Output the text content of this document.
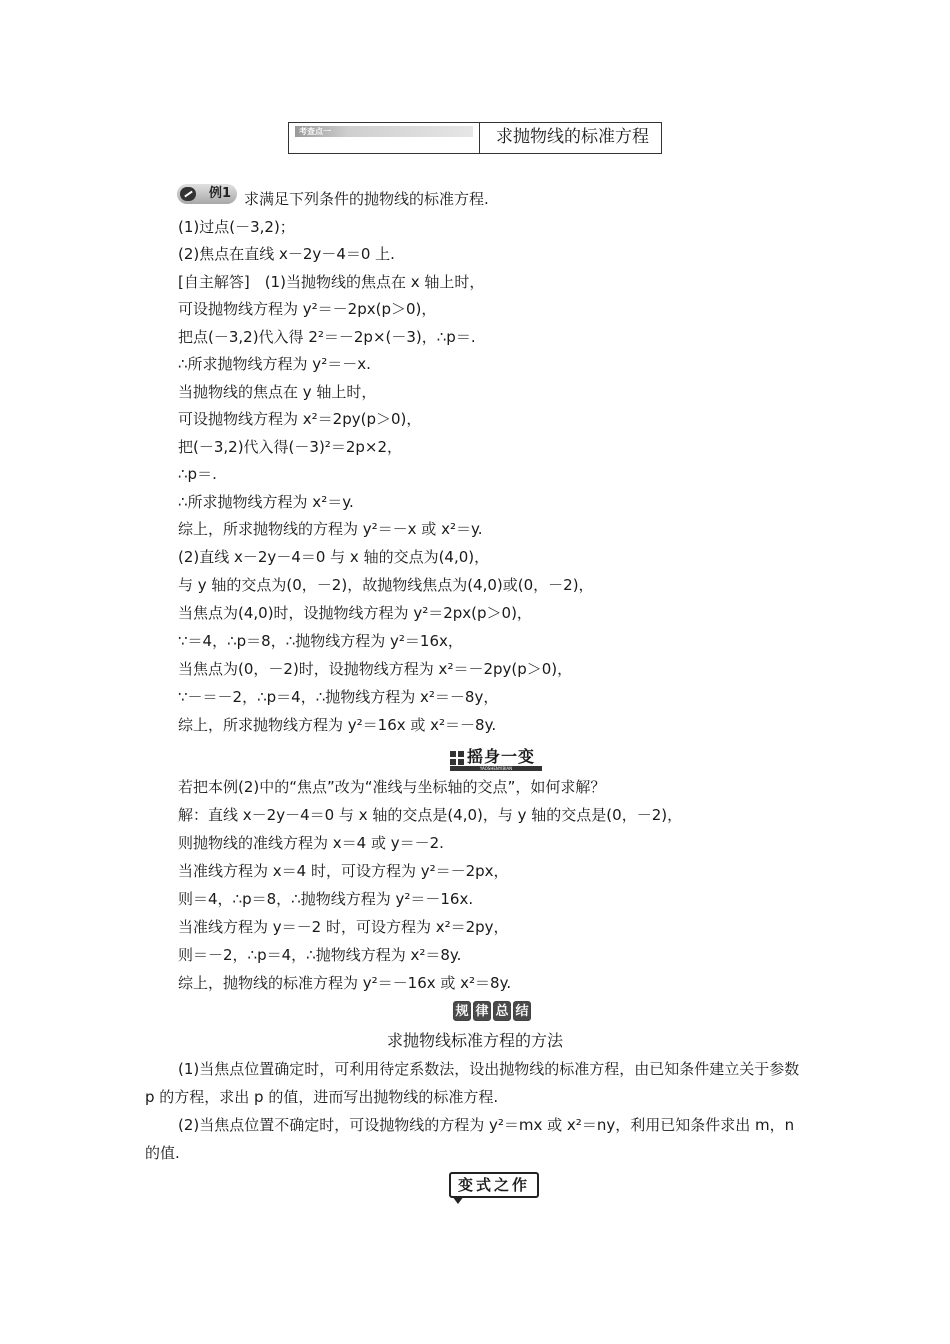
考查点一	求抛物线的标准方程
例1 求满足下列条件的抛物线的标准方程.
(1)过点(－3,2)；
(2)焦点在直线 x－2y－4＝0 上.
[自主解答]　(1)当抛物线的焦点在 x 轴上时，
可设抛物线方程为 y²＝－2px(p＞0)，
把点(－3,2)代入得 2²＝－2p×(－3)，∴p＝.
∴所求抛物线方程为 y²＝－x.
当抛物线的焦点在 y 轴上时，
可设抛物线方程为 x²＝2py(p＞0)，
把(－3,2)代入得(－3)²＝2p×2，
∴p＝.
∴所求抛物线方程为 x²＝y.
综上，所求抛物线的方程为 y²＝－x 或 x²＝y.
(2)直线 x－2y－4＝0 与 x 轴的交点为(4,0)，
与 y 轴的交点为(0，－2)，故抛物线焦点为(4,0)或(0，－2)，
当焦点为(4,0)时，设抛物线方程为 y²＝2px(p＞0)，
∵＝4，∴p＝8，∴抛物线方程为 y²＝16x，
当焦点为(0，－2)时，设抛物线方程为 x²＝－2py(p＞0)，
∵－＝－2，∴p＝4，∴抛物线方程为 x²＝－8y，
综上，所求抛物线方程为 y²＝16x 或 x²＝－8y.
摇身一变
YAOSHENYIBIAN
若把本例(2)中的“焦点”改为“准线与坐标轴的交点”，如何求解？
解：直线 x－2y－4＝0 与 x 轴的交点是(4,0)，与 y 轴的交点是(0，－2)，
则抛物线的准线方程为 x＝4 或 y＝－2.
当准线方程为 x＝4 时，可设方程为 y²＝－2px，
则＝4，∴p＝8，∴抛物线方程为 y²＝－16x.
当准线方程为 y＝－2 时，可设方程为 x²＝2py，
则＝－2，∴p＝4，∴抛物线方程为 x²＝8y.
综上，抛物线的标准方程为 y²＝－16x 或 x²＝8y.
规 律 总 结
求抛物线标准方程的方法
(1)当焦点位置确定时，可利用待定系数法，设出抛物线的标准方程，由已知条件建立关于参数 p 的方程，求出 p 的值，进而写出抛物线的标准方程.
(2)当焦点位置不确定时，可设抛物线的方程为 y²＝mx 或 x²＝ny，利用已知条件求出 m，n 的值.
变式之作
